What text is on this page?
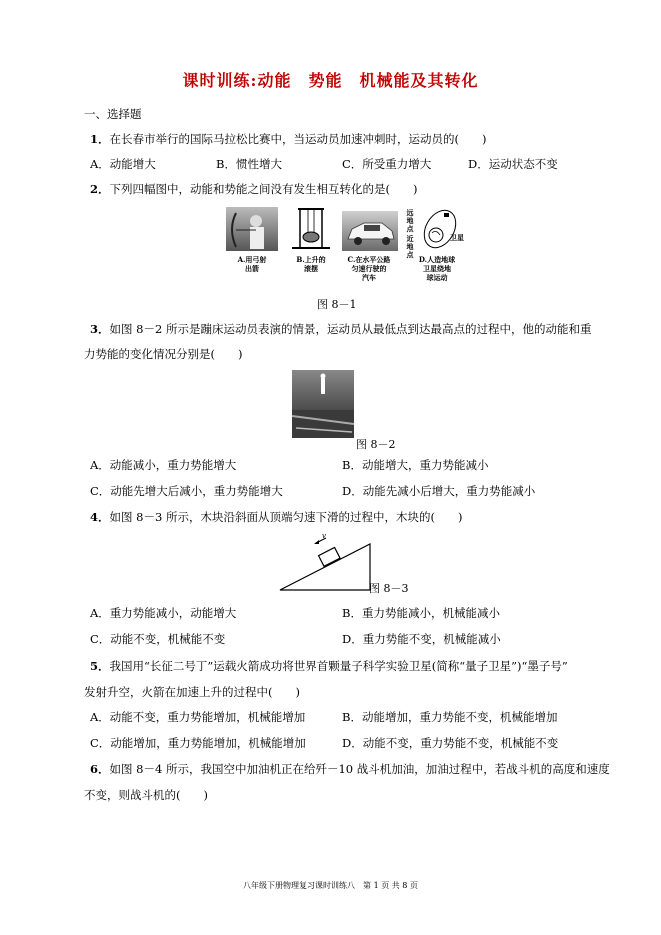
课时训练:动能　势能　机械能及其转化
一、选择题
1．在长春市举行的国际马拉松比赛中，当运动员加速冲刺时，运动员的(　　)
A．动能增大	B．惯性增大	C．所受重力增大	D．运动状态不变
2．下列四幅图中，动能和势能之间没有发生相互转化的是(　　)
A.用弓射
出箭
B.上升的
滚摆
C.在水平公路
匀速行驶的
汽车
远地点
近地点
卫星
D.人造地球
卫星绕地
球运动
图 8－1
3．如图 8－2 所示是蹦床运动员表演的情景，运动员从最低点到达最高点的过程中，他的动能和重
力势能的变化情况分别是(　　)
图 8－2
A．动能减小，重力势能增大	B．动能增大，重力势能减小
C．动能先增大后减小，重力势能增大	D．动能先减小后增大，重力势能减小
4．如图 8－3 所示，木块沿斜面从顶端匀速下滑的过程中，木块的(　　)
v
图 8－3
A．重力势能减小，动能增大	B．重力势能减小，机械能减小
C．动能不变，机械能不变	D．重力势能不变，机械能减小
5．我国用“长征二号丁”运载火箭成功将世界首颗量子科学实验卫星(简称“量子卫星”)“墨子号”
发射升空，火箭在加速上升的过程中(　　)
A．动能不变，重力势能增加，机械能增加	B．动能增加，重力势能不变，机械能增加
C．动能增加，重力势能增加，机械能增加	D．动能不变，重力势能不变，机械能不变
6．如图 8－4 所示，我国空中加油机正在给歼－10 战斗机加油，加油过程中，若战斗机的高度和速度
不变，则战斗机的(　　)
八年级下册物理复习课时训练八　第 1 页 共 8 页
